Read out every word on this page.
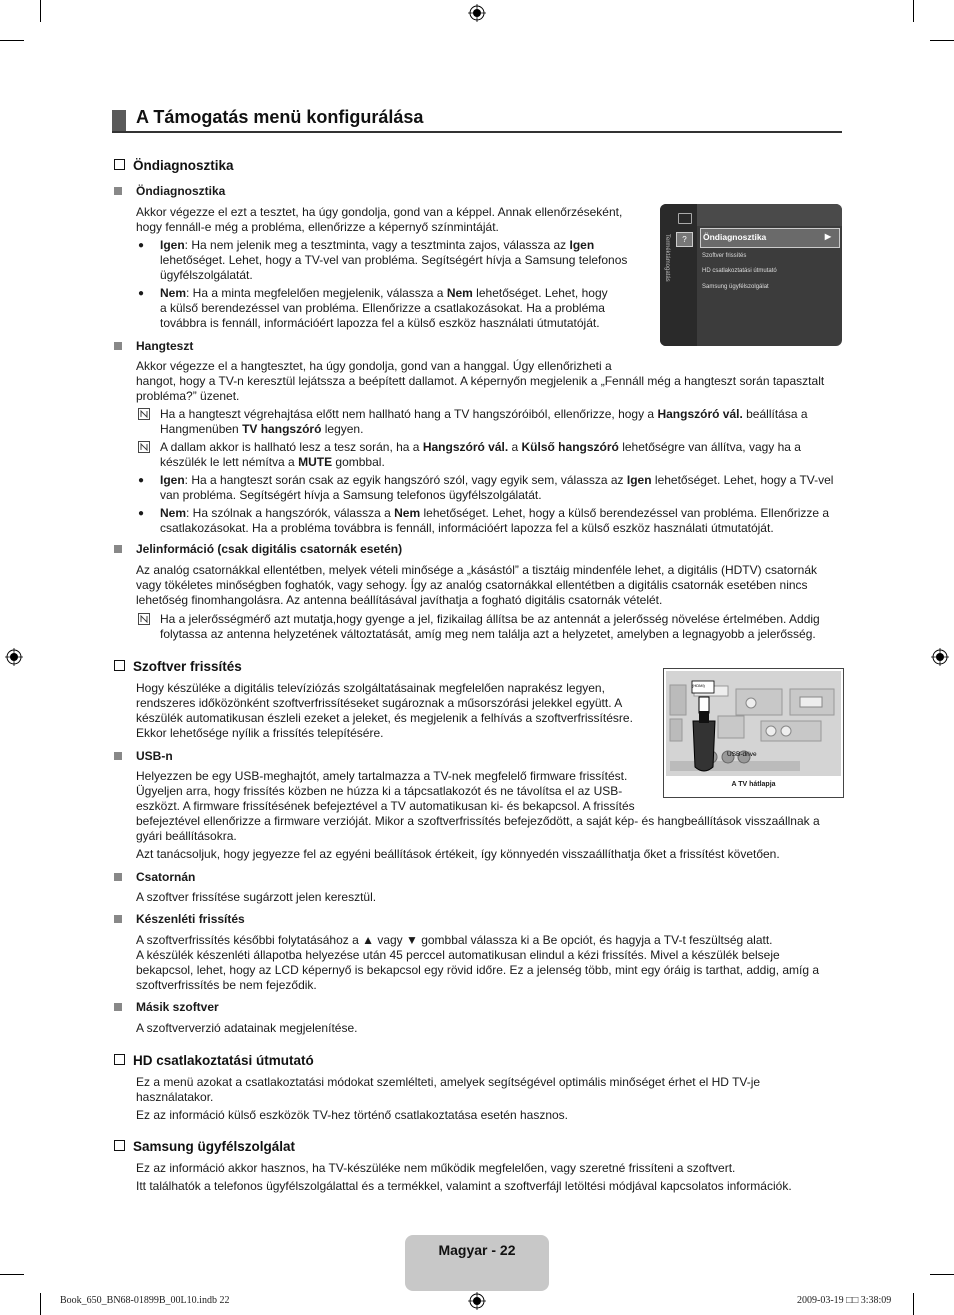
A Támogatás menü konfigurálása
Öndiagnosztika
Öndiagnosztika
Akkor végezze el ezt a tesztet, ha úgy gondolja, gond van a képpel. Annak ellenőrzéseként,
hogy fennáll-e még a probléma, ellenőrizze a képernyő színmintáját.
● Igen: Ha nem jelenik meg a tesztminta, vagy a tesztminta zajos, válassza az Igen
lehetőséget. Lehet, hogy a TV-vel van probléma. Segítségért hívja a Samsung telefonos
ügyfélszolgálatát.
● Nem: Ha a minta megfelelően megjelenik, válassza a Nem lehetőséget. Lehet, hogy
a külső berendezéssel van probléma. Ellenőrizze a csatlakozásokat. Ha a probléma
továbbra is fennáll, információért lapozza fel a külső eszköz használati útmutatóját.
?
Terméktámogatás	Öndiagnosztika	▶
Szoftver frissítés
HD csatlakoztatási útmutató
Samsung ügyfélszolgálat
Hangteszt
Akkor végezze el a hangtesztet, ha úgy gondolja, gond van a hanggal. Úgy ellenőrizheti a
hangot, hogy a TV-n keresztül lejátssza a beépített dallamot. A képernyőn megjelenik a „Fennáll még a hangteszt során tapasztalt
probléma?” üzenet.
Ha a hangteszt végrehajtása előtt nem hallható hang a TV hangszóróiból, ellenőrizze, hogy a Hangszóró vál. beállítása a
Hangmenüben TV hangszóró legyen.
A dallam akkor is hallható lesz a tesz során, ha a Hangszóró vál. a Külső hangszóró lehetőségre van állítva, vagy ha a
készülék le lett némítva a MUTE gombbal.
● Igen: Ha a hangteszt során csak az egyik hangszóró szól, vagy egyik sem, válassza az Igen lehetőséget. Lehet, hogy a TV-vel
van probléma. Segítségért hívja a Samsung telefonos ügyfélszolgálatát.
● Nem: Ha szólnak a hangszórók, válassza a Nem lehetőséget. Lehet, hogy a külső berendezéssel van probléma. Ellenőrizze a
csatlakozásokat. Ha a probléma továbbra is fennáll, információért lapozza fel a külső eszköz használati útmutatóját.
Jelinformáció (csak digitális csatornák esetén)
Az analóg csatornákkal ellentétben, melyek vételi minősége a „kásástól” a tisztáig mindenféle lehet, a digitális (HDTV) csatornák
vagy tökéletes minőségben foghatók, vagy sehogy. Így az analóg csatornákkal ellentétben a digitális csatornák esetében nincs
lehetőség finomhangolásra. Az antenna beállításával javíthatja a fogható digitális csatornák vételét.
Ha a jelerősségmérő azt mutatja,hogy gyenge a jel, fizikailag állítsa be az antennát a jelerősség növelése értelmében. Addig
folytassa az antenna helyzetének változtatását, amíg meg nem találja azt a helyzetet, amelyben a legnagyobb a jelerősség.
Szoftver frissítés
Hogy készüléke a digitális televíziózás szolgáltatásainak megfelelően naprakész legyen,
rendszeres időközönként szoftverfrissítéseket sugároznak a műsorszórási jelekkel együtt. A
készülék automatikusan észleli ezeket a jeleket, és megjelenik a felhívás a szoftverfrissítésre.
Ekkor lehetősége nyílik a frissítés telepítésére.
(HDMI)
USB-drive
A TV hátlapja
USB-n
Helyezzen be egy USB-meghajtót, amely tartalmazza a TV-nek megfelelő firmware frissítést.
Ügyeljen arra, hogy frissítés közben ne húzza ki a tápcsatlakozót és ne távolítsa el az USB-
eszközt. A firmware frissítésének befejeztével a TV automatikusan ki- és bekapcsol. A frissítés
befejeztével ellenőrizze a firmware verzióját. Mikor a szoftverfrissítés befejeződött, a saját kép- és hangbeállítások visszaállnak a
gyári beállításokra.
Azt tanácsoljuk, hogy jegyezze fel az egyéni beállítások értékeit, így könnyedén visszaállíthatja őket a frissítést követően.
Csatornán
A szoftver frissítése sugárzott jelen keresztül.
Készenléti frissítés
A szoftverfrissítés későbbi folytatásához a ▲ vagy ▼ gombbal válassza ki a Be opciót, és hagyja a TV-t feszültség alatt.
A készülék készenléti állapotba helyezése után 45 perccel automatikusan elindul a kézi frissítés. Mivel a készülék belseje
bekapcsol, lehet, hogy az LCD képernyő is bekapcsol egy rövid időre. Ez a jelenség több, mint egy óráig is tarthat, addig, amíg a
szoftverfrissítés be nem fejeződik.
Másik szoftver
A szoftververzió adatainak megjelenítése.
HD csatlakoztatási útmutató
Ez a menü azokat a csatlakoztatási módokat szemlélteti, amelyek segítségével optimális minőséget érhet el HD TV-je
használatakor.
Ez az információ külső eszközök TV-hez történő csatlakoztatása esetén hasznos.
Samsung ügyfélszolgálat
Ez az információ akkor hasznos, ha TV-készüléke nem működik megfelelően, vagy szeretné frissíteni a szoftvert.
Itt találhatók a telefonos ügyfélszolgálattal és a termékkel, valamint a szoftverfájl letöltési módjával kapcsolatos információk.
Magyar - 22
Book_650_BN68-01899B_00L10.indb 22	2009-03-19 □□ 3:38:09
